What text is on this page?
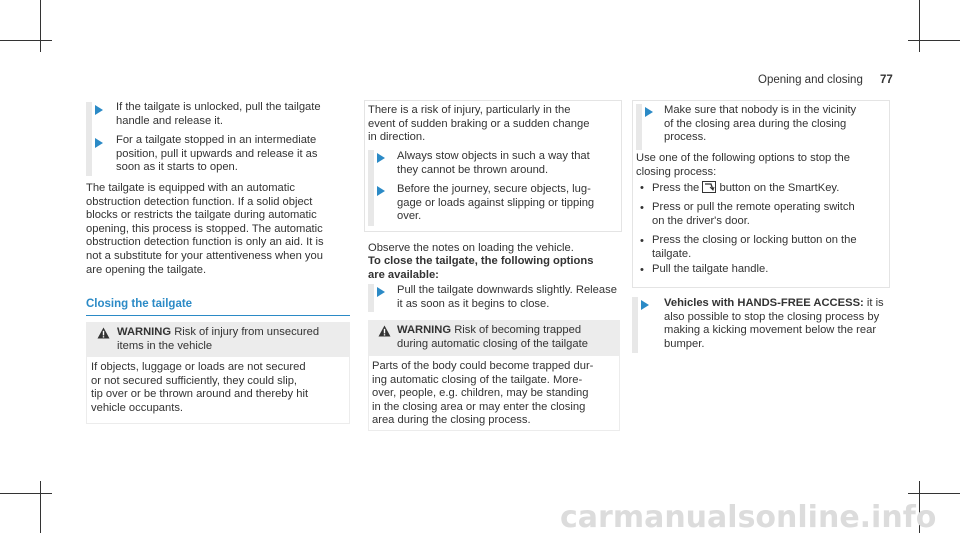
Opening and closing 77
If the tailgate is unlocked, pull the tailgate
handle and release it.
For a tailgate stopped in an intermediate
position, pull it upwards and release it as
soon as it starts to open.
The tailgate is equipped with an automatic
obstruction detection function. If a solid object
blocks or restricts the tailgate during automatic
opening, this process is stopped. The automatic
obstruction detection function is only an aid. It is
not a substitute for your attentiveness when you
are opening the tailgate.
Closing the tailgate
WARNING Risk of injury from unsecured
items in the vehicle
If objects, luggage or loads are not secured
or not secured sufficiently, they could slip,
tip over or be thrown around and thereby hit
vehicle occupants.
There is a risk of injury, particularly in the
event of sudden braking or a sudden change
in direction.
Always stow objects in such a way that
they cannot be thrown around.
Before the journey, secure objects, lug-
gage or loads against slipping or tipping
over.
Observe the notes on loading the vehicle.
To close the tailgate, the following options
are available:
Pull the tailgate downwards slightly. Release
it as soon as it begins to close.
WARNING Risk of becoming trapped
during automatic closing of the tailgate
Parts of the body could become trapped dur-
ing automatic closing of the tailgate. More-
over, people, e.g. children, may be standing
in the closing area or may enter the closing
area during the closing process.
Make sure that nobody is in the vicinity
of the closing area during the closing
process.
Use one of the following options to stop the
closing process:
• Press the button on the SmartKey.
• Press or pull the remote operating switch
on the driver's door.
• Press the closing or locking button on the
tailgate.
• Pull the tailgate handle.
Vehicles with HANDS-FREE ACCESS: it is
also possible to stop the closing process by
making a kicking movement below the rear
bumper.
carmanualsonline.info
